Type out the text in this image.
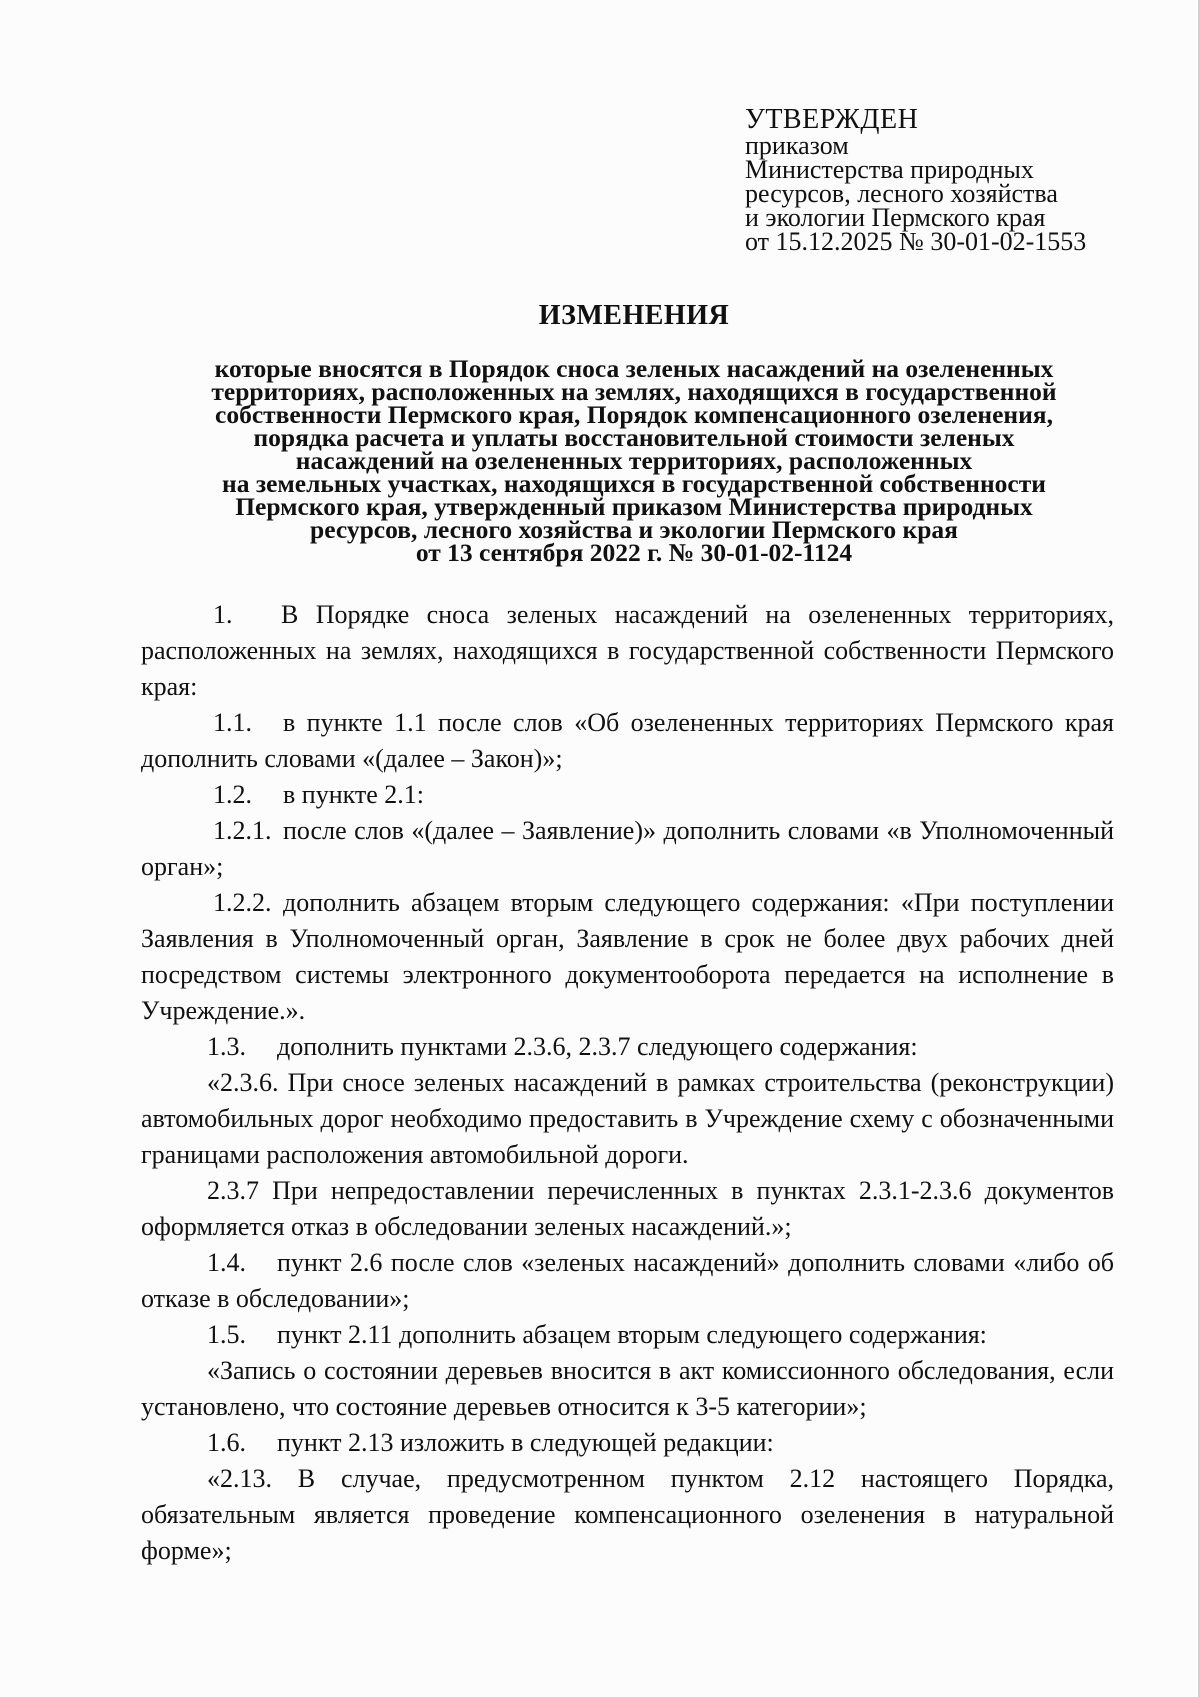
УТВЕРЖДЕН
приказом
Министерства природных
ресурсов, лесного хозяйства
и экологии Пермского края
от 15.12.2025 № 30-01-02-1553
ИЗМЕНЕНИЯ
которые вносятся в Порядок сноса зеленых насаждений на озелененных
территориях, расположенных на землях, находящихся в государственной
собственности Пермского края, Порядок компенсационного озеленения,
порядка расчета и уплаты восстановительной стоимости зеленых
насаждений на озелененных территориях, расположенных
на земельных участках, находящихся в государственной собственности
Пермского края, утвержденный приказом Министерства природных
ресурсов, лесного хозяйства и экологии Пермского края
от 13 сентября 2022 г. № 30-01-02-1124

1. В Порядке сноса зеленых насаждений на озелененных территориях, расположенных на землях, находящихся в государственной собственности Пермского края:

1.1. в пункте 1.1 после слов «Об озелененных территориях Пермского края дополнить словами «(далее – Закон)»;

1.2. в пункте 2.1:

1.2.1. после слов «(далее – Заявление)» дополнить словами «в Уполномоченный орган»;

1.2.2. дополнить абзацем вторым следующего содержания: «При поступлении Заявления в Уполномоченный орган, Заявление в срок не более двух рабочих дней посредством системы электронного документооборота передается на исполнение в Учреждение.».

1.3. дополнить пунктами 2.3.6, 2.3.7 следующего содержания:

«2.3.6. При сносе зеленых насаждений в рамках строительства (реконструкции) автомобильных дорог необходимо предоставить в Учреждение схему с обозначенными границами расположения автомобильной дороги.

2.3.7 При непредоставлении перечисленных в пунктах 2.3.1-2.3.6 документов оформляется отказ в обследовании зеленых насаждений.»;

1.4. пункт 2.6 после слов «зеленых насаждений» дополнить словами «либо об отказе в обследовании»;

1.5. пункт 2.11 дополнить абзацем вторым следующего содержания:

«Запись о состоянии деревьев вносится в акт комиссионного обследования, если установлено, что состояние деревьев относится к 3-5 категории»;

1.6. пункт 2.13 изложить в следующей редакции:

«2.13. В случае, предусмотренном пунктом 2.12 настоящего Порядка, обязательным является проведение компенсационного озеленения в натуральной форме»;
